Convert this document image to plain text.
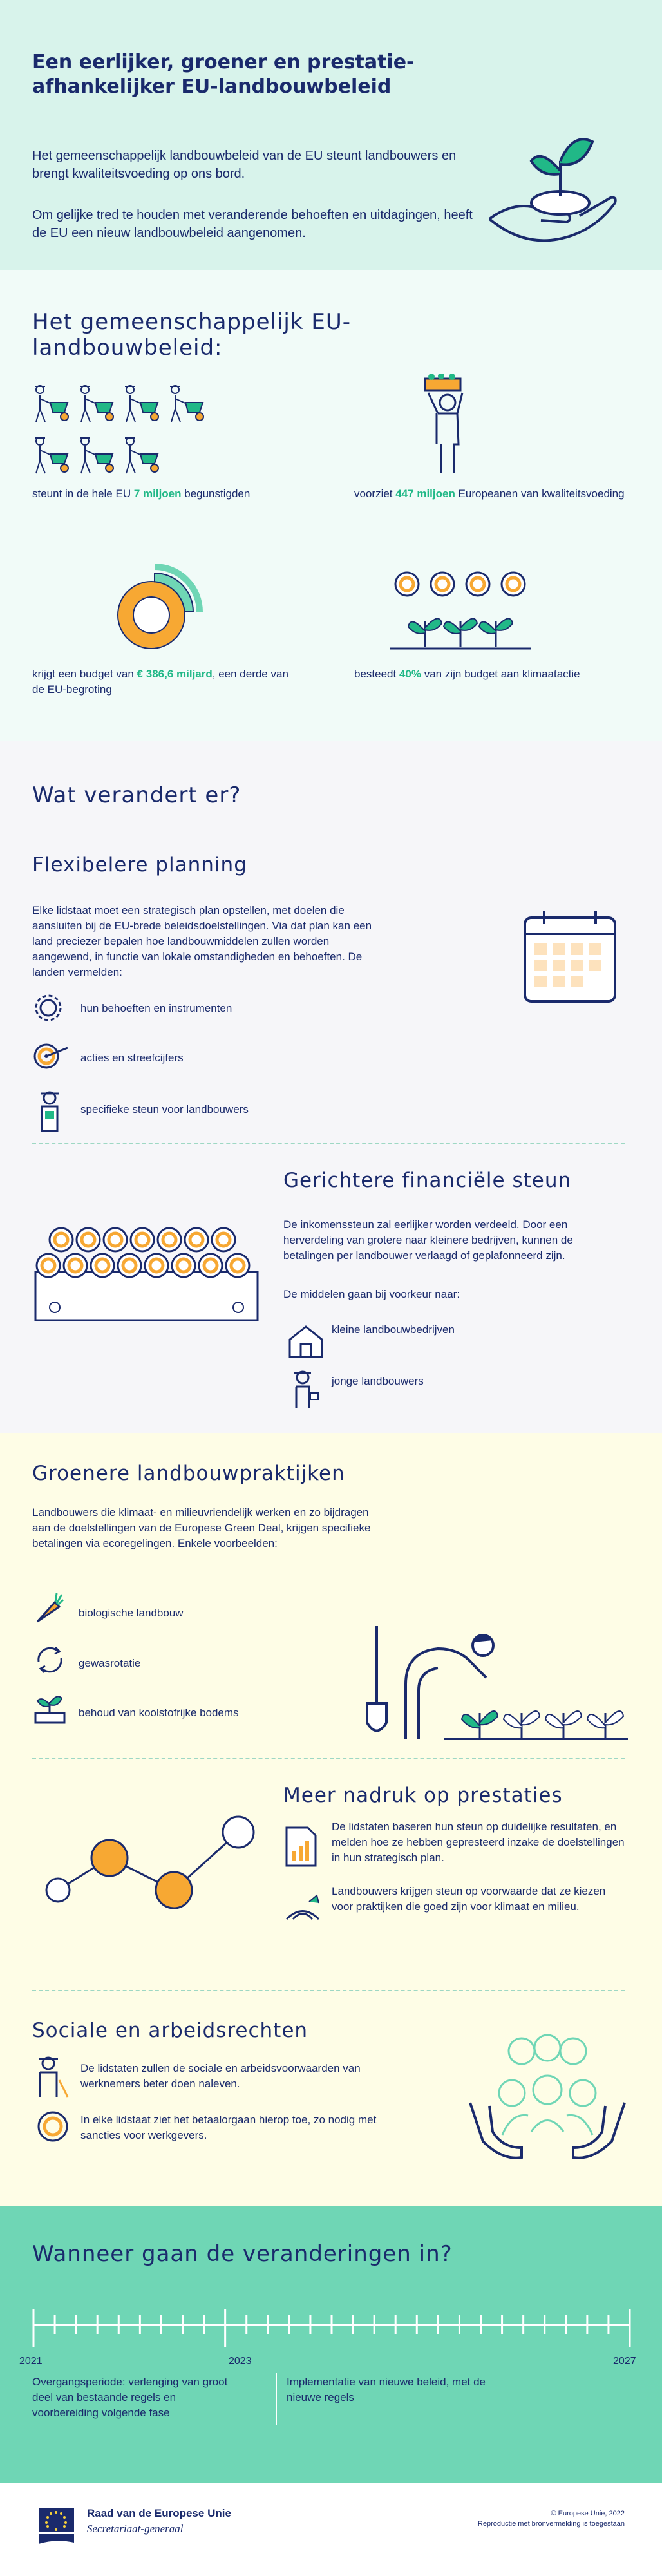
Een eerlijker, groener en prestatie-afhankelijker EU-landbouwbeleid

Het gemeenschappelijk landbouwbeleid van de EU steunt landbouwers en brengt kwaliteitsvoeding op ons bord.

Om gelijke tred te houden met veranderende behoeften en uitdagingen, heeft de EU een nieuw landbouwbeleid aangenomen.

Het gemeenschappelijk EU-landbouwbeleid:

steunt in de hele EU 7 miljoen begunstigden	voorziet 447 miljoen Europeanen van kwaliteitsvoeding

krijgt een budget van € 386,6 miljard, een derde van de EU-begroting

besteedt 40% van zijn budget aan klimaatactie

Wat verandert er?
Flexibelere planning

Elke lidstaat moet een strategisch plan opstellen, met doelen die aansluiten bij de EU-brede beleidsdoelstellingen. Via dat plan kan een land preciezer bepalen hoe landbouwmiddelen zullen worden aangewend, in functie van lokale omstandigheden en behoeften. De landen vermelden:

hun behoeften en instrumenten
acties en streefcijfers
specifieke steun voor landbouwers
Gerichtere financiële steun

De inkomenssteun zal eerlijker worden verdeeld. Door een herverdeling van grotere naar kleinere bedrijven, kunnen de betalingen per landbouwer verlaagd of geplafonneerd zijn.

De middelen gaan bij voorkeur naar:

kleine landbouwbedrijven
jonge landbouwers
Groenere landbouwpraktijken

Landbouwers die klimaat- en milieuvriendelijk werken en zo bijdragen aan de doelstellingen van de Europese Green Deal, krijgen specifieke betalingen via ecoregelingen. Enkele voorbeelden:

biologische landbouw
gewasrotatie
behoud van koolstofrijke bodems
Meer nadruk op prestaties

De lidstaten baseren hun steun op duidelijke resultaten, en melden hoe ze hebben gepresteerd inzake de doelstellingen in hun strategisch plan.

Landbouwers krijgen steun op voorwaarde dat ze kiezen voor praktijken die goed zijn voor klimaat en milieu.

Sociale en arbeidsrechten

De lidstaten zullen de sociale en arbeidsvoorwaarden van werknemers beter doen naleven.

In elke lidstaat ziet het betaalorgaan hierop toe, zo nodig met sancties voor werkgevers.

Wanneer gaan de veranderingen in?
2021	2023	2027

Overgangsperiode: verlenging van groot deel van bestaande regels en voorbereiding volgende fase

Implementatie van nieuwe beleid, met de nieuwe regels

Raad van de Europese Unie
Secretariaat-generaal
© Europese Unie, 2022
Reproductie met bronvermelding is toegestaan
